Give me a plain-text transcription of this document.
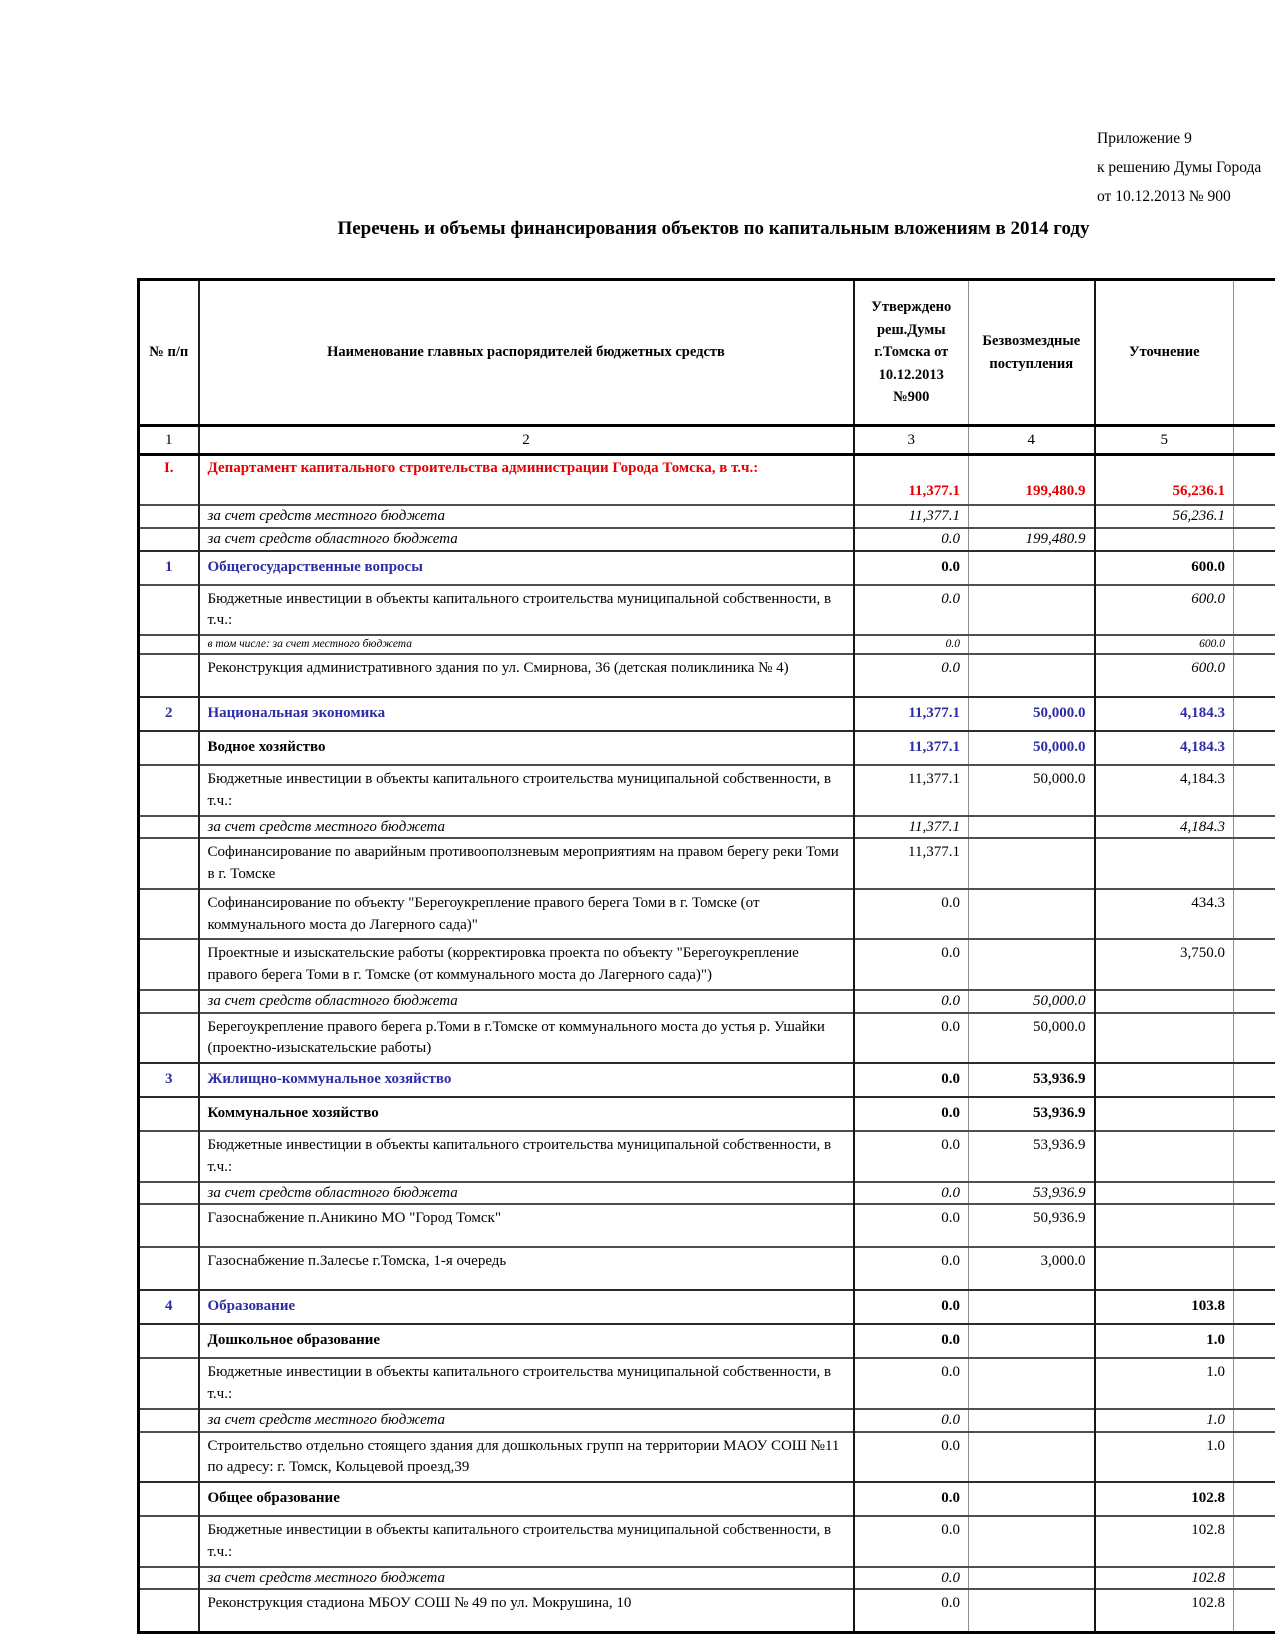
Приложение 9
к решению Думы Города
от 10.12.2013 № 900
Перечень и объемы финансирования объектов по капитальным вложениям в 2014 году
№ п/п	Наименование главных распорядителей бюджетных средств	Утверждено реш.Думы г.Томска от 10.12.2013 №900	Безвозмездные поступления	Уточнение	
1	2	3	4	5	
I.	Департамент капитального строительства администрации Города Томска, в т.ч.:	11,377.1	199,480.9	56,236.1	
	за счет средств местного бюджета	11,377.1		56,236.1	
	за счет средств областного бюджета	0.0	199,480.9		
1	Общегосударственные вопросы	0.0		600.0	
	Бюджетные инвестиции в объекты капитального строительства муниципальной собственности, в т.ч.:	0.0		600.0	
	в том числе: за счет местного бюджета	0.0		600.0	
	Реконструкция административного здания по ул. Смирнова, 36 (детская поликлиника № 4)	0.0		600.0	
2	Национальная экономика	11,377.1	50,000.0	4,184.3	
	Водное хозяйство	11,377.1	50,000.0	4,184.3	
	Бюджетные инвестиции в объекты капитального строительства муниципальной собственности, в т.ч.:	11,377.1	50,000.0	4,184.3	
	за счет средств местного бюджета	11,377.1		4,184.3	
	Софинансирование по аварийным противооползневым мероприятиям на правом берегу реки Томи в г. Томске	11,377.1			
	Софинансирование по объекту "Берегоукрепление правого берега Томи в г. Томске (от коммунального моста до Лагерного сада)"	0.0		434.3	
	Проектные и изыскательские работы (корректировка проекта по объекту "Берегоукрепление правого берега Томи в г. Томске (от коммунального моста до Лагерного сада)")	0.0		3,750.0	
	за счет средств областного бюджета	0.0	50,000.0		
	Берегоукрепление правого берега р.Томи в г.Томске от коммунального моста до устья р. Ушайки (проектно-изыскательские работы)	0.0	50,000.0		
3	Жилищно-коммунальное хозяйство	0.0	53,936.9		
	Коммунальное хозяйство	0.0	53,936.9		
	Бюджетные инвестиции в объекты капитального строительства муниципальной собственности, в т.ч.:	0.0	53,936.9		
	за счет средств областного бюджета	0.0	53,936.9		
	Газоснабжение п.Аникино МО "Город Томск"	0.0	50,936.9		
	Газоснабжение п.Залесье г.Томска, 1-я очередь	0.0	3,000.0		
4	Образование	0.0		103.8	
	Дошкольное образование	0.0		1.0	
	Бюджетные инвестиции в объекты капитального строительства муниципальной собственности, в т.ч.:	0.0		1.0	
	за счет средств местного бюджета	0.0		1.0	
	Строительство отдельно стоящего здания для дошкольных групп на территории МАОУ СОШ №11 по адресу: г. Томск, Кольцевой проезд,39	0.0		1.0	
	Общее образование	0.0		102.8	
	Бюджетные инвестиции в объекты капитального строительства муниципальной собственности, в т.ч.:	0.0		102.8	
	за счет средств местного бюджета	0.0		102.8	
	Реконструкция стадиона МБОУ СОШ № 49 по ул. Мокрушина, 10	0.0		102.8	
